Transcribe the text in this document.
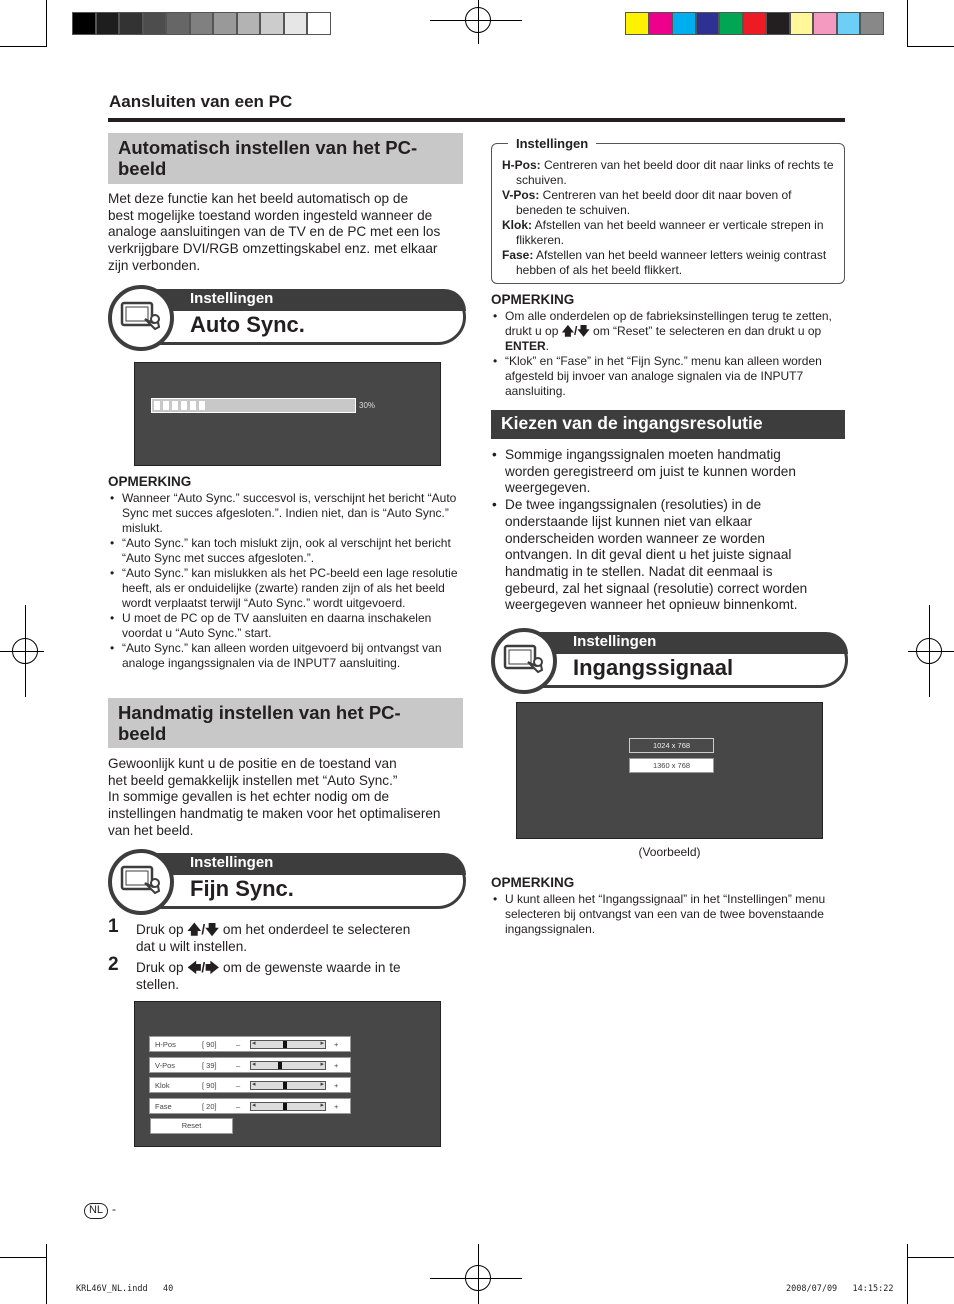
Aansluiten van een PC
Automatisch instellen van het PC-
beeld
Met deze functie kan het beeld automatisch op de
best mogelijke toestand worden ingesteld wanneer de
analoge aansluitingen van de TV en de PC met een los
verkrijgbare DVI/RGB omzettingskabel enz. met elkaar
zijn verbonden.
Instellingen
Auto Sync.
30%
OPMERKING
• Wanneer “Auto Sync.” succesvol is, verschijnt het bericht “Auto Sync met succes afgesloten.”. Indien niet, dan is “Auto Sync.” mislukt.
• “Auto Sync.” kan toch mislukt zijn, ook al verschijnt het bericht “Auto Sync met succes afgesloten.”.
• “Auto Sync.” kan mislukken als het PC-beeld een lage resolutie heeft, als er onduidelijke (zwarte) randen zijn of als het beeld wordt verplaatst terwijl “Auto Sync.” wordt uitgevoerd.
• U moet de PC op de TV aansluiten en daarna inschakelen voordat u “Auto Sync.” start.
• “Auto Sync.” kan alleen worden uitgevoerd bij ontvangst van analoge ingangssignalen via de INPUT7 aansluiting.
Handmatig instellen van het PC-
beeld
Gewoonlijk kunt u de positie en de toestand van
het beeld gemakkelijk instellen met “Auto Sync.”
In sommige gevallen is het echter nodig om de
instellingen handmatig te maken voor het optimaliseren
van het beeld.
Instellingen
Fijn Sync.
1 Druk op 🡅/🡇 om het onderdeel te selecteren
dat u wilt instellen.
2 Druk op 🡄/🡆 om de gewenste waarde in te
stellen.
H-Pos	[ 90]	–	+
◂	▸
V-Pos	[ 39]	–	+
◂	▸
Klok	[ 90]	–	+
◂	▸
Fase	[ 20]	–	+
◂	▸
Reset
Instellingen

H-Pos: Centreren van het beeld door dit naar links of rechts te schuiven.

V-Pos: Centreren van het beeld door dit naar boven of beneden te schuiven.

Klok: Afstellen van het beeld wanneer er verticale strepen in flikkeren.

Fase: Afstellen van het beeld wanneer letters weinig contrast hebben of als het beeld flikkert.

OPMERKING
• Om alle onderdelen op de fabrieksinstellingen terug te zetten, drukt u op 🡅/🡇 om “Reset” te selecteren en dan drukt u op ENTER.
• “Klok” en “Fase” in het “Fijn Sync.” menu kan alleen worden afgesteld bij invoer van analoge signalen via de INPUT7 aansluiting.
Kiezen van de ingangsresolutie
• Sommige ingangssignalen moeten handmatig worden geregistreerd om juist te kunnen worden weergegeven.
• De twee ingangssignalen (resoluties) in de onderstaande lijst kunnen niet van elkaar onderscheiden worden wanneer ze worden ontvangen. In dit geval dient u het juiste signaal handmatig in te stellen. Nadat dit eenmaal is gebeurd, zal het signaal (resolutie) correct worden weergegeven wanneer het opnieuw binnenkomt.
Instellingen
Ingangssignaal
1024 x 768
1360 x 768
(Voorbeeld)
OPMERKING
• U kunt alleen het “Ingangssignaal” in het “Instellingen” menu selecteren bij ontvangst van een van de twee bovenstaande ingangssignalen.
NL -
KRL46V_NL.indd   40	2008/07/09   14:15:22
